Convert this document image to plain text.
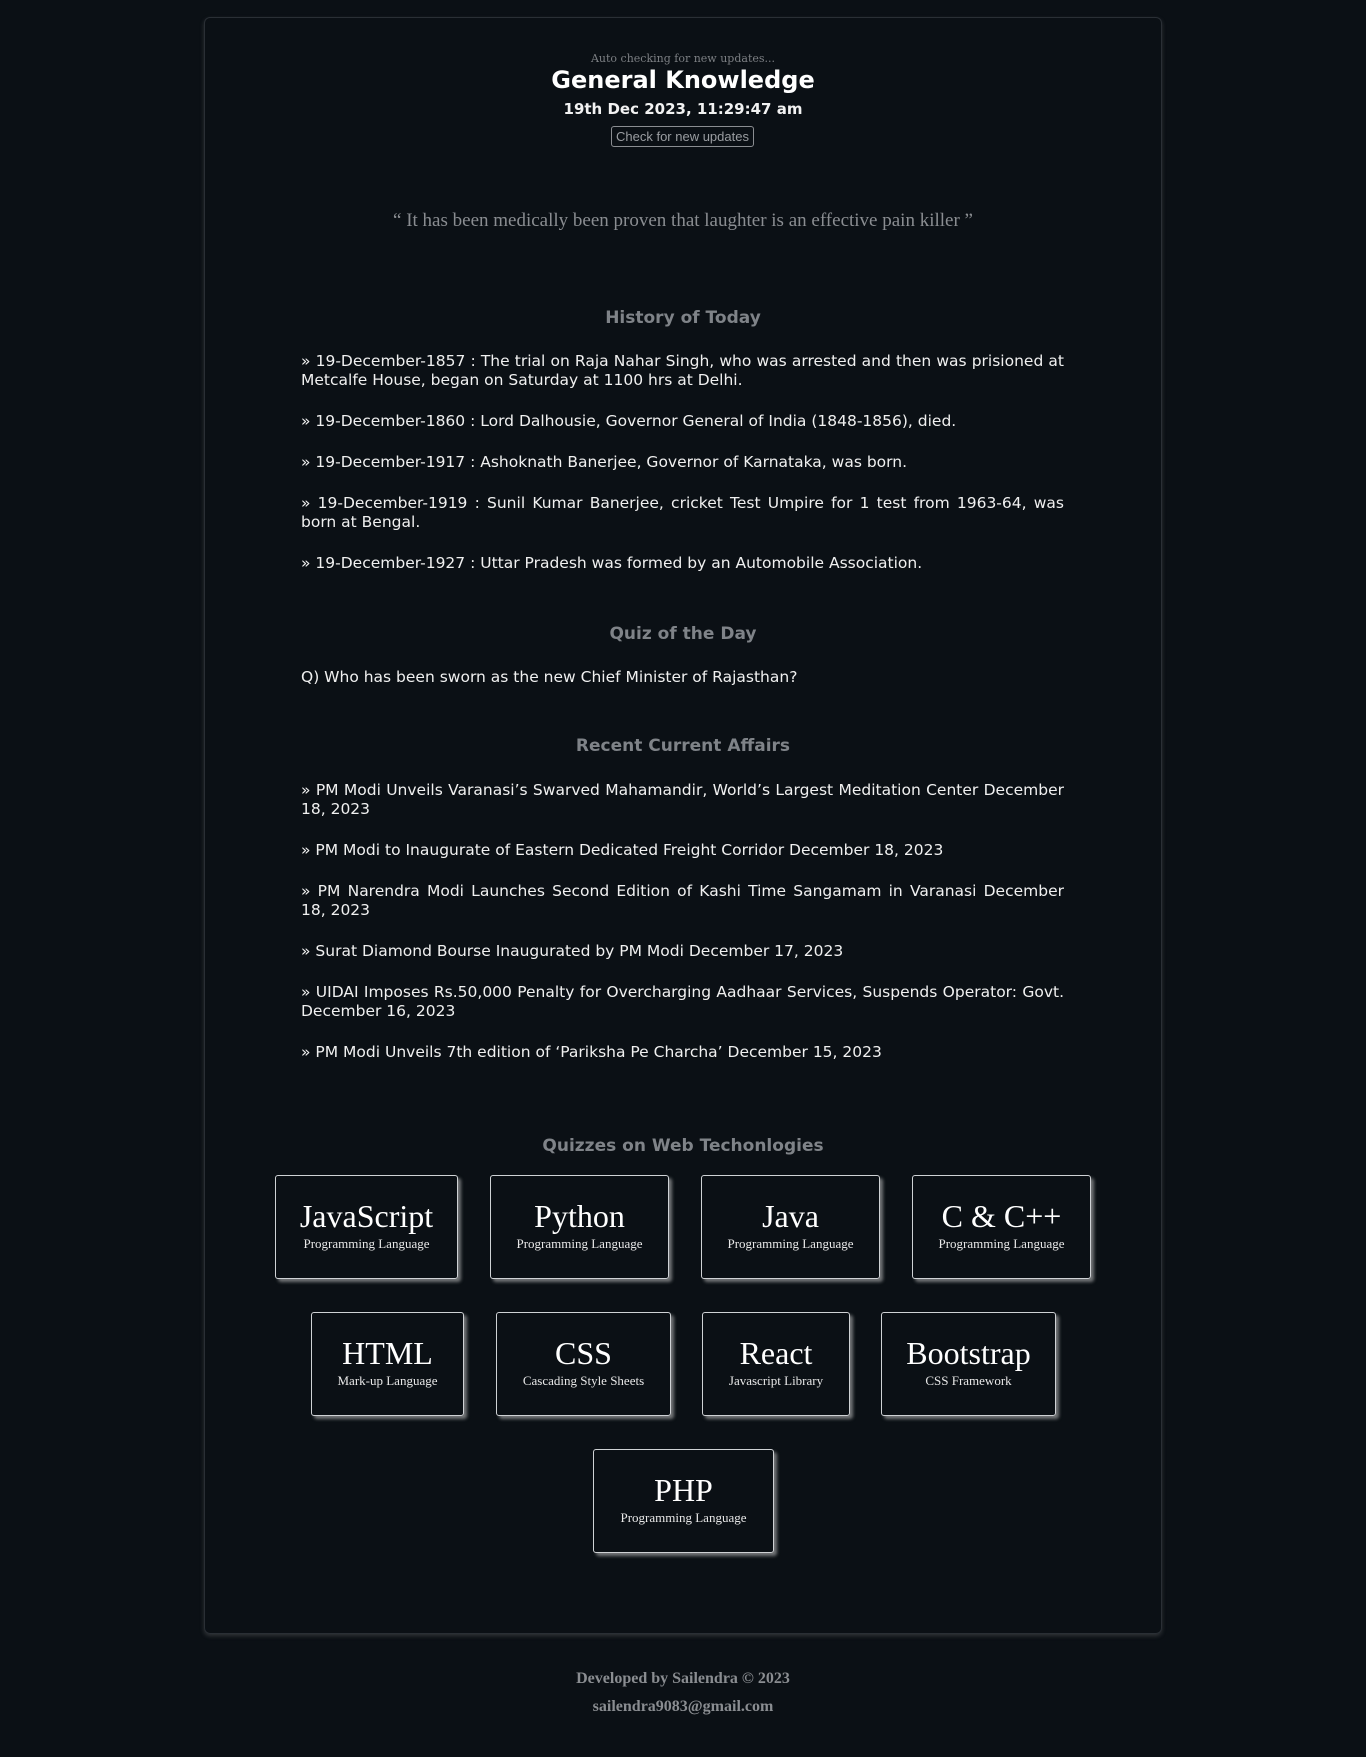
Auto checking for new updates...
General Knowledge
19th Dec 2023, 11:29:47 am
Check for new updates
“ It has been medically been proven that laughter is an effective pain killer ”
History of Today
» 19-December-1857 : The trial on Raja Nahar Singh, who was arrested and then was prisioned at Metcalfe House, began on Saturday at 1100 hrs at Delhi.
» 19-December-1860 : Lord Dalhousie, Governor General of India (1848-1856), died.
» 19-December-1917 : Ashoknath Banerjee, Governor of Karnataka, was born.
» 19-December-1919 : Sunil Kumar Banerjee, cricket Test Umpire for 1 test from 1963-64, was born at Bengal.
» 19-December-1927 : Uttar Pradesh was formed by an Automobile Association.
Quiz of the Day
Q) Who has been sworn as the new Chief Minister of Rajasthan?
Recent Current Affairs
» PM Modi Unveils Varanasi’s Swarved Mahamandir, World’s Largest Meditation Center December 18, 2023
» PM Modi to Inaugurate of Eastern Dedicated Freight Corridor December 18, 2023
» PM Narendra Modi Launches Second Edition of Kashi Time Sangamam in Varanasi December 18, 2023
» Surat Diamond Bourse Inaugurated by PM Modi December 17, 2023
» UIDAI Imposes Rs.50,000 Penalty for Overcharging Aadhaar Services, Suspends Operator: Govt. December 16, 2023
» PM Modi Unveils 7th edition of ‘Pariksha Pe Charcha’ December 15, 2023
Quizzes on Web Techonlogies
JavaScript
Programming Language
Python
Programming Language
Java
Programming Language
C & C++
Programming Language
HTML
Mark-up Language
CSS
Cascading Style Sheets
React
Javascript Library
Bootstrap
CSS Framework
PHP
Programming Language
Developed by Sailendra © 2023
sailendra9083@gmail.com
